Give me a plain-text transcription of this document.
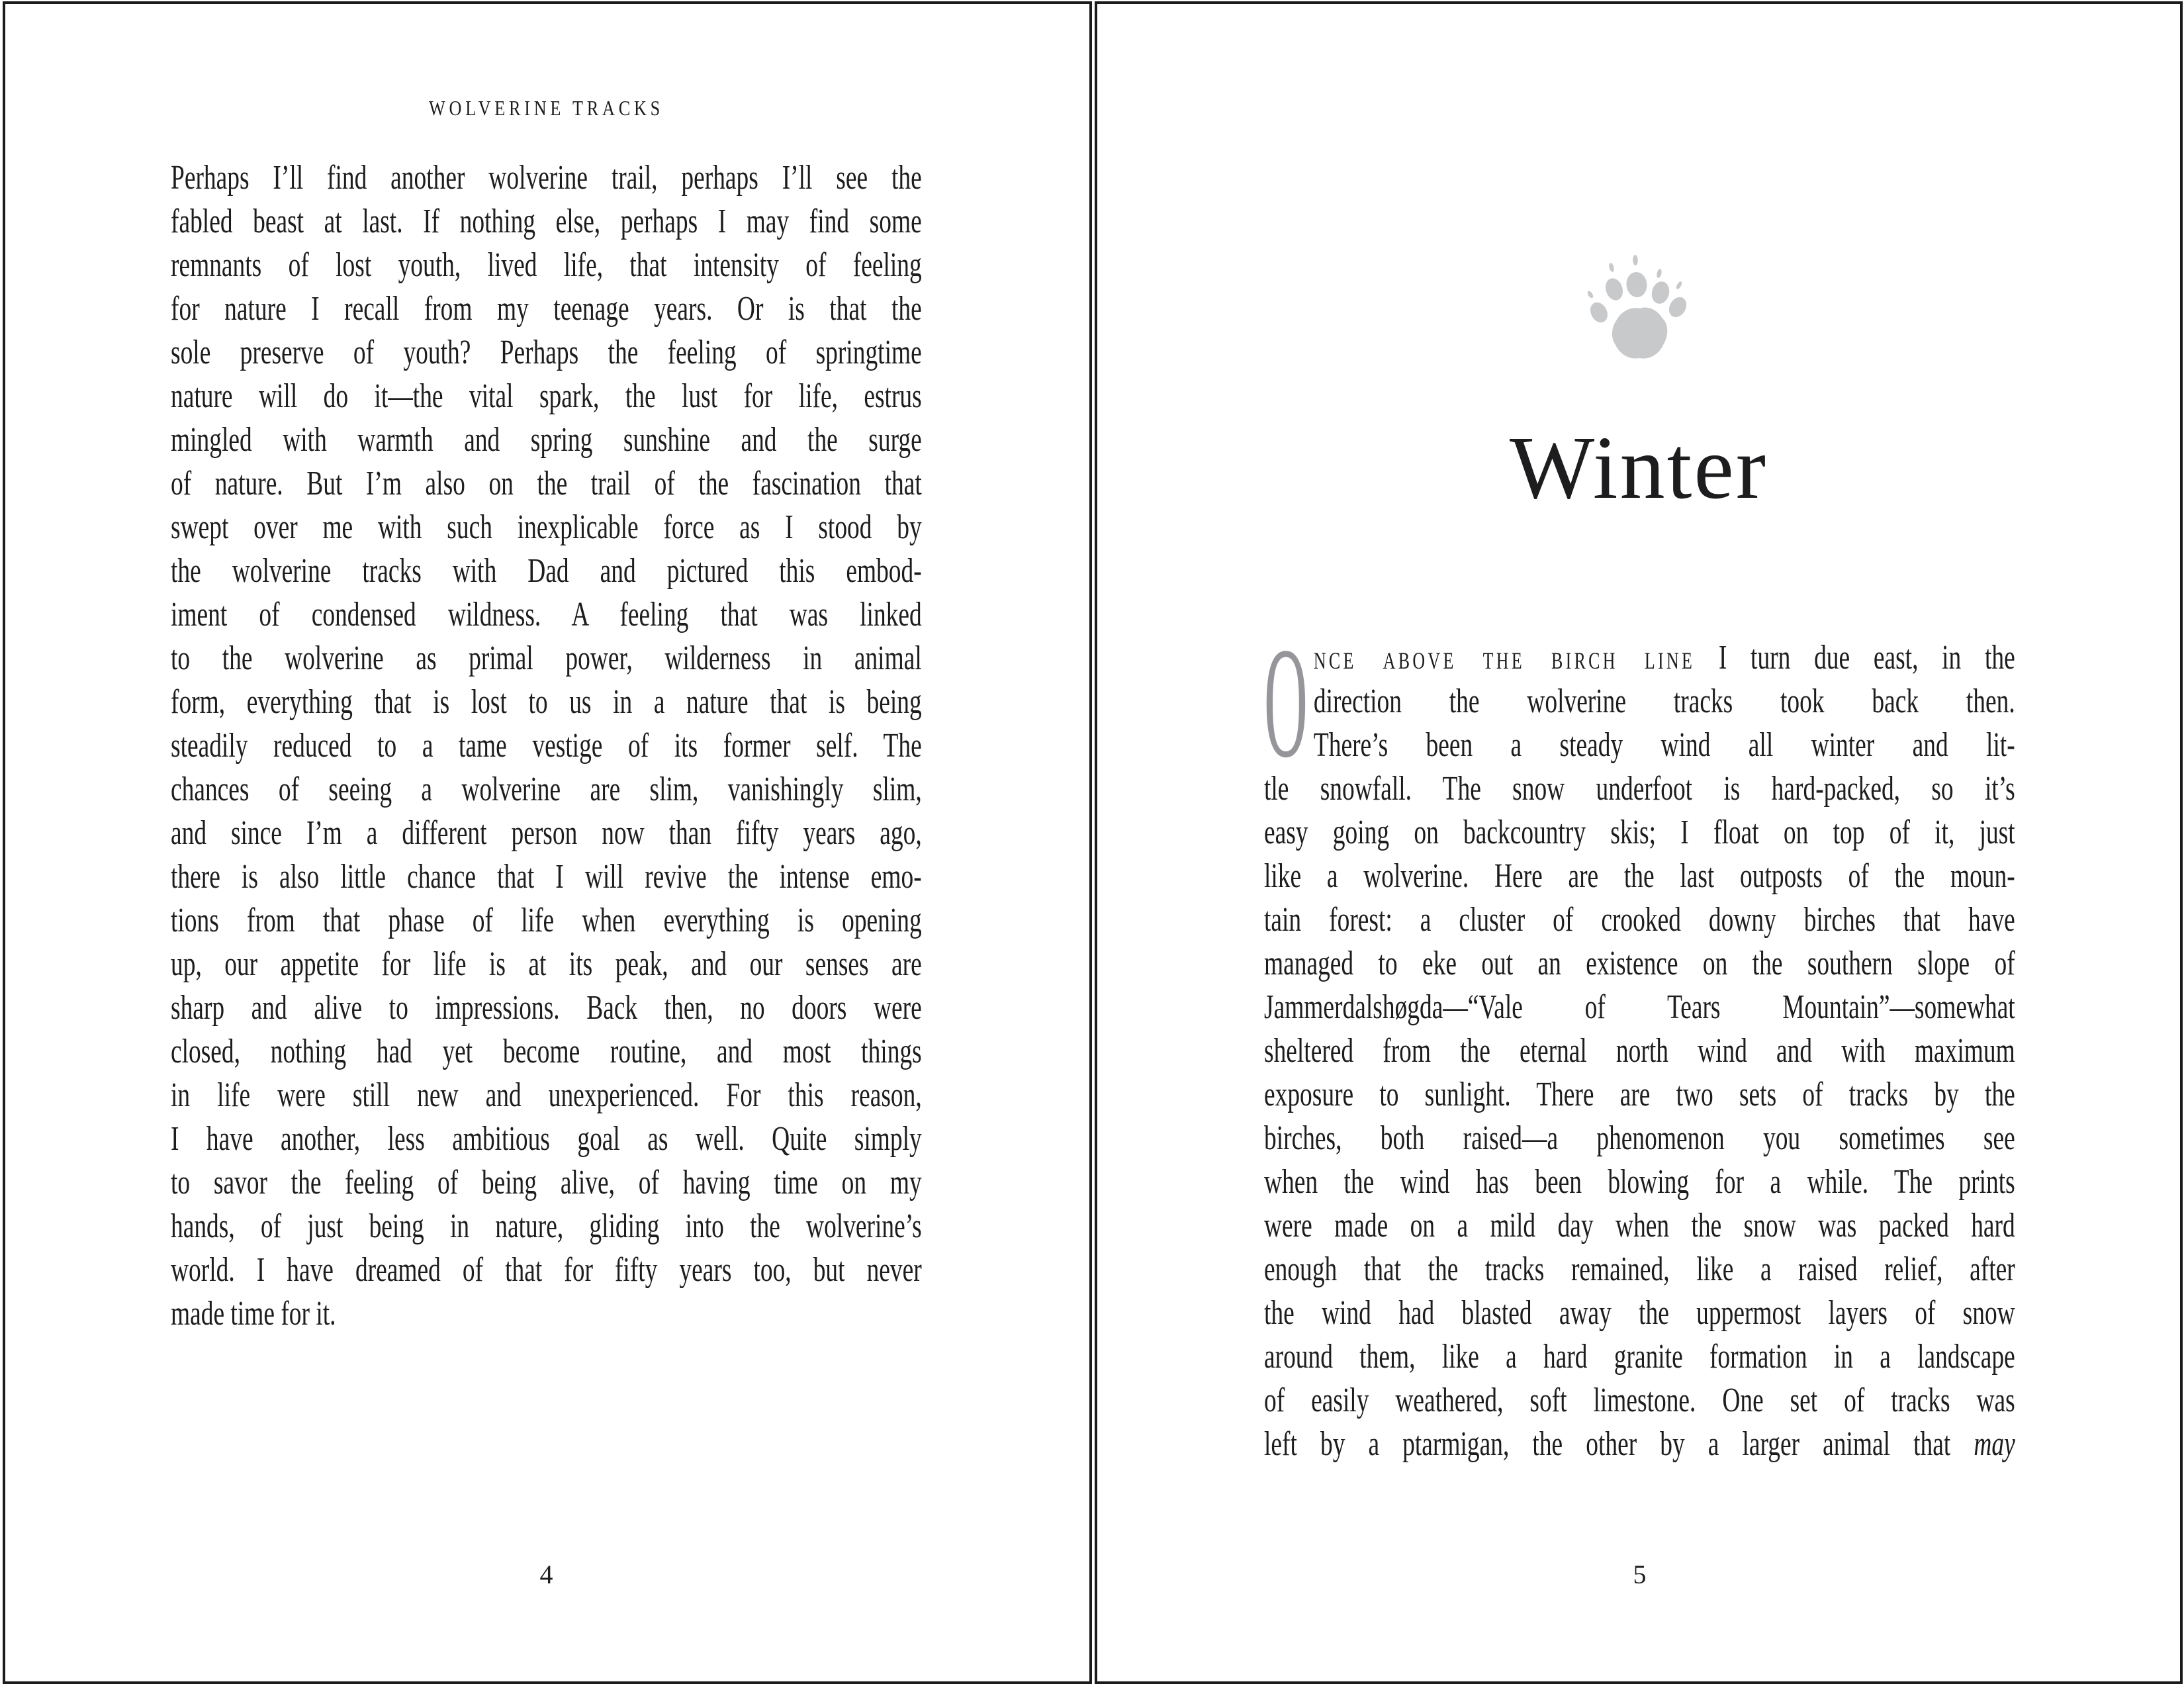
WOLVERINE TRACKS
Perhaps I’ll find another wolverine trail, perhaps I’ll see the
fabled beast at last. If nothing else, perhaps I may find some
remnants of lost youth, lived life, that intensity of feeling
for nature I recall from my teenage years. Or is that the
sole preserve of youth? Perhaps the feeling of springtime
nature will do it—the vital spark, the lust for life, estrus
mingled with warmth and spring sunshine and the surge
of nature. But I’m also on the trail of the fascination that
swept over me with such inexplicable force as I stood by
the wolverine tracks with Dad and pictured this embod-
iment of condensed wildness. A feeling that was linked
to the wolverine as primal power, wilderness in animal
form, everything that is lost to us in a nature that is being
steadily reduced to a tame vestige of its former self. The
chances of seeing a wolverine are slim, vanishingly slim,
and since I’m a different person now than fifty years ago,
there is also little chance that I will revive the intense emo-
tions from that phase of life when everything is opening
up, our appetite for life is at its peak, and our senses are
sharp and alive to impressions. Back then, no doors were
closed, nothing had yet become routine, and most things
in life were still new and unexperienced. For this reason,
I have another, less ambitious goal as well. Quite simply
to savor the feeling of being alive, of having time on my
hands, of just being in nature, gliding into the wolverine’s
world. I have dreamed of that for fifty years too, but never
made time for it.
4
Winter
O nce above the birch line I turn due east, in the
direction the wolverine tracks took back then.
There’s been a steady wind all winter and lit-
tle snowfall. The snow underfoot is hard-packed, so it’s
easy going on backcountry skis; I float on top of it, just
like a wolverine. Here are the last outposts of the moun-
tain forest: a cluster of crooked downy birches that have
managed to eke out an existence on the southern slope of
Jammerdalshøgda—“Vale of Tears Mountain”—somewhat
sheltered from the eternal north wind and with maximum
exposure to sunlight. There are two sets of tracks by the
birches, both raised—a phenomenon you sometimes see
when the wind has been blowing for a while. The prints
were made on a mild day when the snow was packed hard
enough that the tracks remained, like a raised relief, after
the wind had blasted away the uppermost layers of snow
around them, like a hard granite formation in a landscape
of easily weathered, soft limestone. One set of tracks was
left by a ptarmigan, the other by a larger animal that may
5
